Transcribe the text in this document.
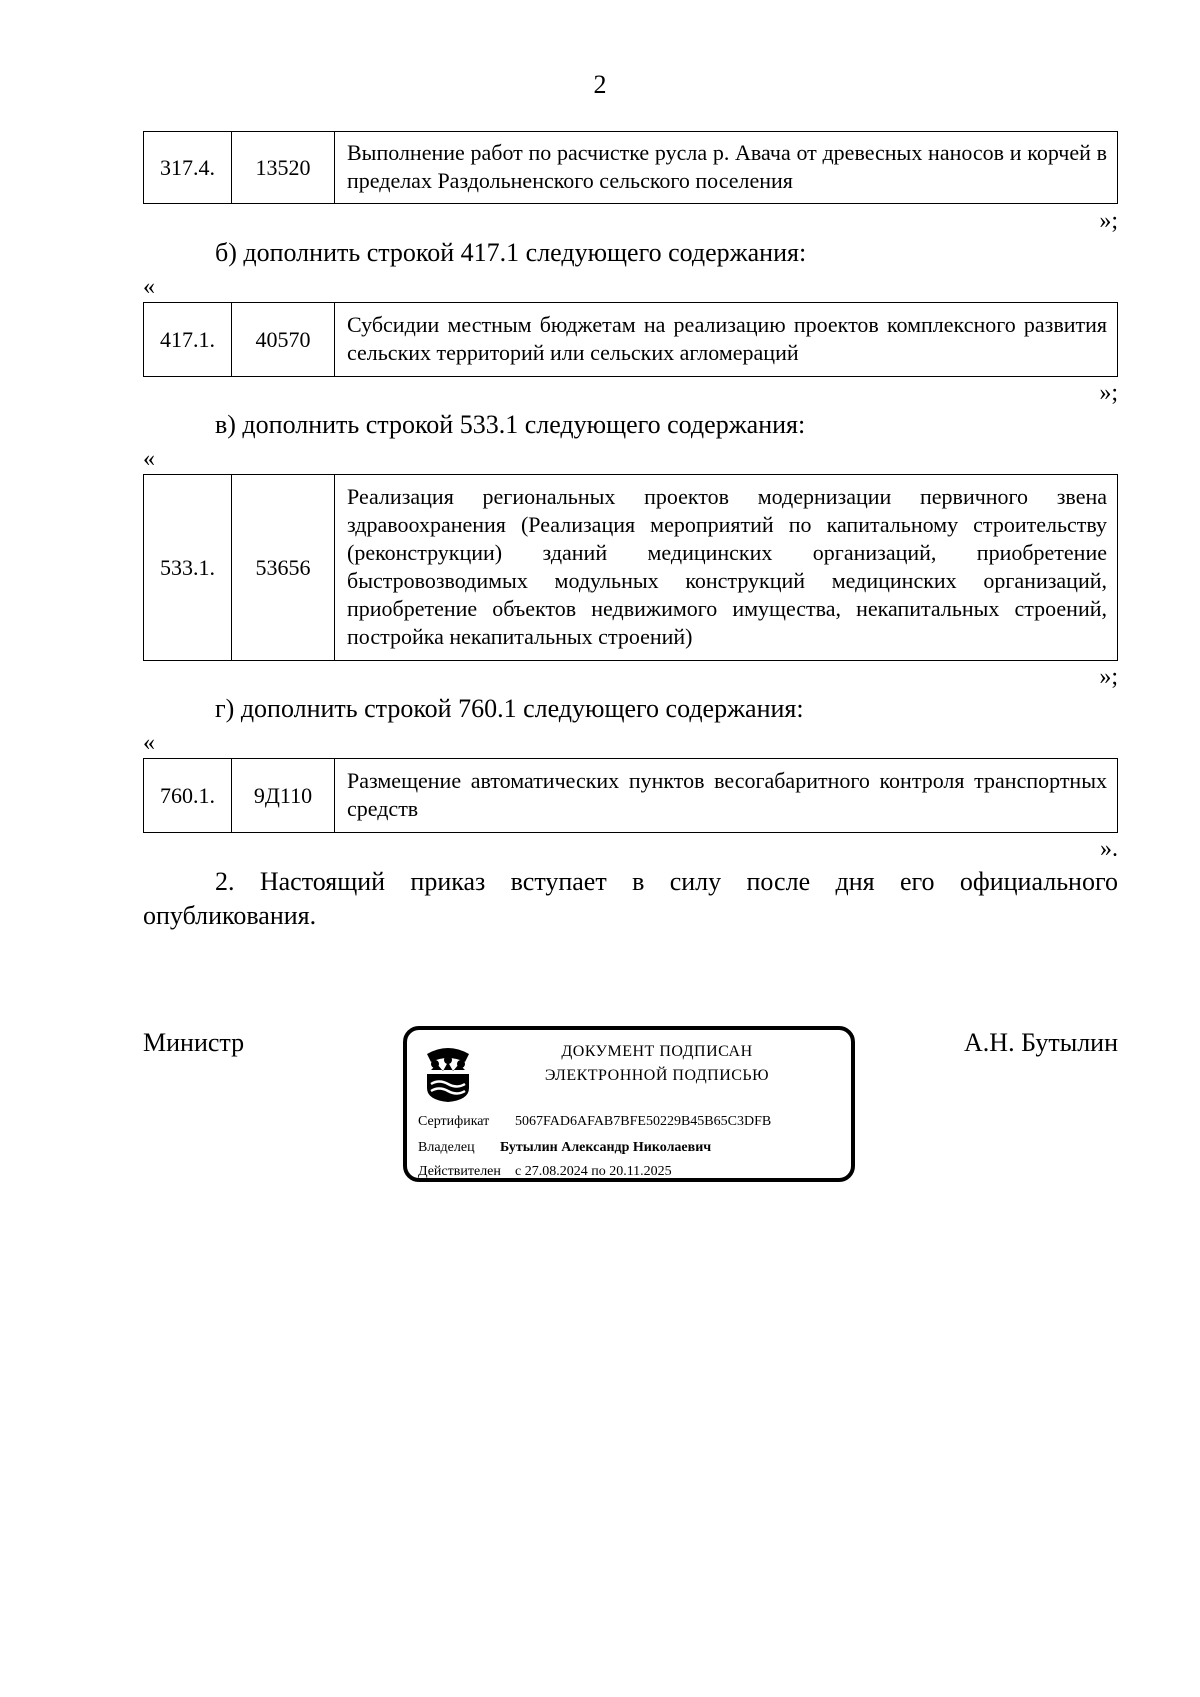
2
317.4.	13520	Выполнение работ по расчистке русла р. Авача от древесных наносов и корчей в пределах Раздольненского сельского поселения
»;
б) дополнить строкой 417.1 следующего содержания:
«
417.1.	40570	Субсидии местным бюджетам на реализацию проектов комплексного развития сельских территорий или сельских агломераций
»;
в) дополнить строкой 533.1 следующего содержания:
«
533.1.	53656	Реализация региональных проектов модернизации первичного звена здравоохранения (Реализация мероприятий по капитальному строительству (реконструкции) зданий медицинских организаций, приобретение быстровозводимых модульных конструкций медицинских организаций, приобретение объектов недвижимого имущества, некапитальных строений, постройка некапитальных строений)
»;
г) дополнить строкой 760.1 следующего содержания:
«
760.1.	9Д110	Размещение автоматических пунктов весогабаритного контроля транспортных средств
».
2. Настоящий приказ вступает в силу после дня его официального опубликования.
Министр	А.Н. Бутылин
ДОКУМЕНТ ПОДПИСАН
ЭЛЕКТРОННОЙ ПОДПИСЬЮ
Сертификат 5067FAD6AFAB7BFE50229B45B65C3DFB
Владелец Бутылин Александр Николаевич
Действителен с 27.08.2024 по 20.11.2025
